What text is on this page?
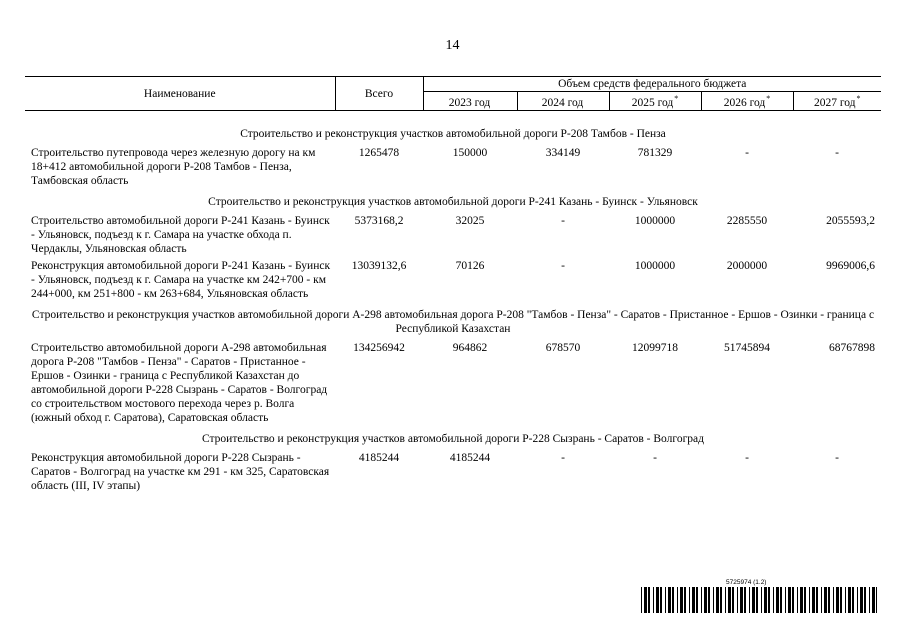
14
Наименование	Всего	Объем средств федерального бюджета				
		2023 год	2024 год	2025 год*	2026 год*	2027 год*

Строительство и реконструкция участков автомобильной дороги Р-208 Тамбов - Пенза						
Строительство путепровода через железную дорогу на км 18+412 автомобильной дороги Р-208 Тамбов - Пенза, Тамбовская область	1265478	150000	334149	781329	-	-
Строительство и реконструкция участков автомобильной дороги Р-241 Казань - Буинск - Ульяновск						
Строительство автомобильной дороги Р-241 Казань - Буинск - Ульяновск, подъезд к г. Самара на участке обхода п. Чердаклы, Ульяновская область	5373168,2	32025	-	1000000	2285550	2055593,2
Реконструкция автомобильной дороги Р-241 Казань - Буинск - Ульяновск, подъезд к г. Самара на участке км 242+700 - км 244+000, км 251+800 - км 263+684, Ульяновская область	13039132,6	70126	-	1000000	2000000	9969006,6
Строительство и реконструкция участков автомобильной дороги А-298 автомобильная дорога Р-208 "Тамбов - Пенза" - Саратов - Пристанное - Ершов - Озинки - граница с Республикой Казахстан						
Строительство автомобильной дороги А-298 автомобильная дорога Р-208 "Тамбов - Пенза" - Саратов - Пристанное - Ершов - Озинки - граница с Республикой Казахстан до автомобильной дороги Р-228 Сызрань - Саратов - Волгоград со строительством мостового перехода через р. Волга (южный обход г. Саратова), Саратовская область	134256942	964862	678570	12099718	51745894	68767898
Строительство и реконструкция участков автомобильной дороги Р-228 Сызрань - Саратов - Волгоград						
Реконструкция автомобильной дороги Р-228 Сызрань - Саратов - Волгоград на участке км 291 - км 325, Саратовская область (III, IV этапы)	4185244	4185244	-	-	-	-
5725974 (1.2)
